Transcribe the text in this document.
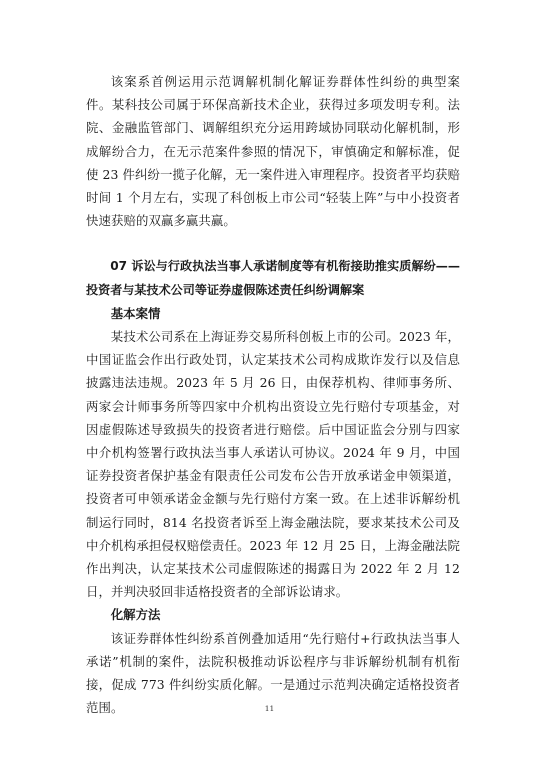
该案系首例运用示范调解机制化解证券群体性纠纷的典型案件。某科技公司属于环保高新技术企业，获得过多项发明专利。法院、金融监管部门、调解组织充分运用跨域协同联动化解机制，形成解纷合力，在无示范案件参照的情况下，审慎确定和解标准，促使 23 件纠纷一揽子化解，无一案件进入审理程序。投资者平均获赔时间 1 个月左右，实现了科创板上市公司“轻装上阵”与中小投资者快速获赔的双赢多赢共赢。

07 诉讼与行政执法当事人承诺制度等有机衔接助推实质解纷——投资者与某技术公司等证券虚假陈述责任纠纷调解案
基本案情

某技术公司系在上海证券交易所科创板上市的公司。2023 年，中国证监会作出行政处罚，认定某技术公司构成欺诈发行以及信息披露违法违规。2023 年 5 月 26 日，由保荐机构、律师事务所、两家会计师事务所等四家中介机构出资设立先行赔付专项基金，对因虚假陈述导致损失的投资者进行赔偿。后中国证监会分别与四家中介机构签署行政执法当事人承诺认可协议。2024 年 9 月，中国证券投资者保护基金有限责任公司发布公告开放承诺金申领渠道，投资者可申领承诺金金额与先行赔付方案一致。在上述非诉解纷机制运行同时，814 名投资者诉至上海金融法院，要求某技术公司及中介机构承担侵权赔偿责任。2023 年 12 月 25 日，上海金融法院作出判决，认定某技术公司虚假陈述的揭露日为 2022 年 2 月 12 日，并判决驳回非适格投资者的全部诉讼请求。

化解方法

该证券群体性纠纷系首例叠加适用“先行赔付+行政执法当事人承诺”机制的案件，法院积极推动诉讼程序与非诉解纷机制有机衔接，促成 773 件纠纷实质化解。一是通过示范判决确定适格投资者范围。	11
